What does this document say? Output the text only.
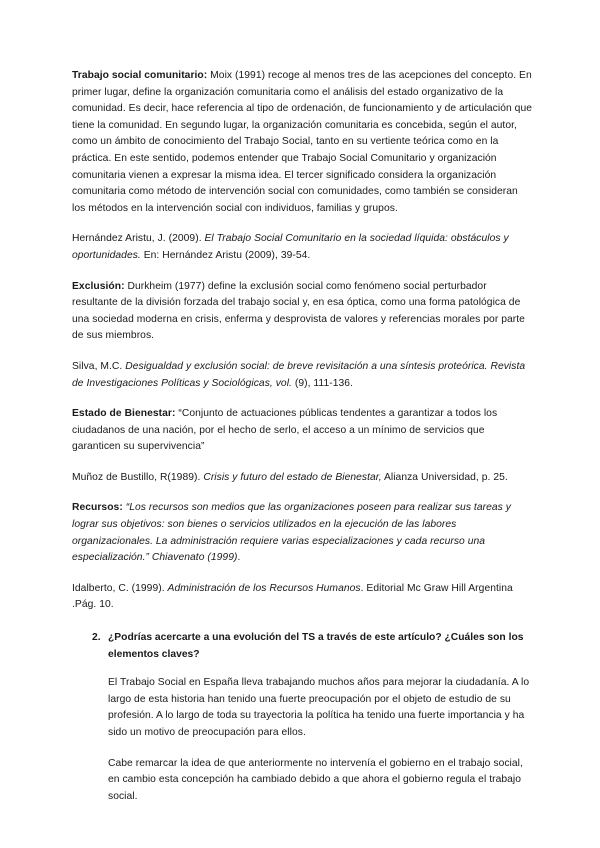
Trabajo social comunitario: Moix (1991) recoge al menos tres de las acepciones del concepto. En primer lugar, define la organización comunitaria como el análisis del estado organizativo de la comunidad. Es decir, hace referencia al tipo de ordenación, de funcionamiento y de articulación que tiene la comunidad. En segundo lugar, la organización comunitaria es concebida, según el autor, como un ámbito de conocimiento del Trabajo Social, tanto en su vertiente teórica como en la práctica. En este sentido, podemos entender que Trabajo Social Comunitario y organización comunitaria vienen a expresar la misma idea. El tercer significado considera la organización comunitaria como método de intervención social con comunidades, como también se consideran los métodos en la intervención social con individuos, familias y grupos.

Hernández Aristu, J. (2009). El Trabajo Social Comunitario en la sociedad líquida: obstáculos y oportunidades. En: Hernández Aristu (2009), 39-54.

Exclusión: Durkheim (1977) define la exclusión social como fenómeno social perturbador resultante de la división forzada del trabajo social y, en esa óptica, como una forma patológica de una sociedad moderna en crisis, enferma y desprovista de valores y referencias morales por parte de sus miembros.

Silva, M.C. Desigualdad y exclusión social: de breve revisitación a una síntesis proteórica. Revista de Investigaciones Políticas y Sociológicas, vol. (9), 111-136.

Estado de Bienestar: “Conjunto de actuaciones públicas tendentes a garantizar a todos los ciudadanos de una nación, por el hecho de serlo, el acceso a un mínimo de servicios que garanticen su supervivencia”

Muñoz de Bustillo, R(1989). Crisis y futuro del estado de Bienestar, Alianza Universidad, p. 25.

Recursos: “Los recursos son medios que las organizaciones poseen para realizar sus tareas y lograr sus objetivos: son bienes o servicios utilizados en la ejecución de las labores organizacionales. La administración requiere varias especializaciones y cada recurso una especialización.” Chiavenato (1999).

Idalberto, C. (1999). Administración de los Recursos Humanos. Editorial Mc Graw Hill Argentina .Pág. 10.

2. ¿Podrías acercarte a una evolución del TS a través de este artículo? ¿Cuáles son los elementos claves?

El Trabajo Social en España lleva trabajando muchos años para mejorar la ciudadanía. A lo largo de esta historia han tenido una fuerte preocupación por el objeto de estudio de su profesión. A lo largo de toda su trayectoria la política ha tenido una fuerte importancia y ha sido un motivo de preocupación para ellos.

Cabe remarcar la idea de que anteriormente no intervenía el gobierno en el trabajo social, en cambio esta concepción ha cambiado debido a que ahora el gobierno regula el trabajo social.
